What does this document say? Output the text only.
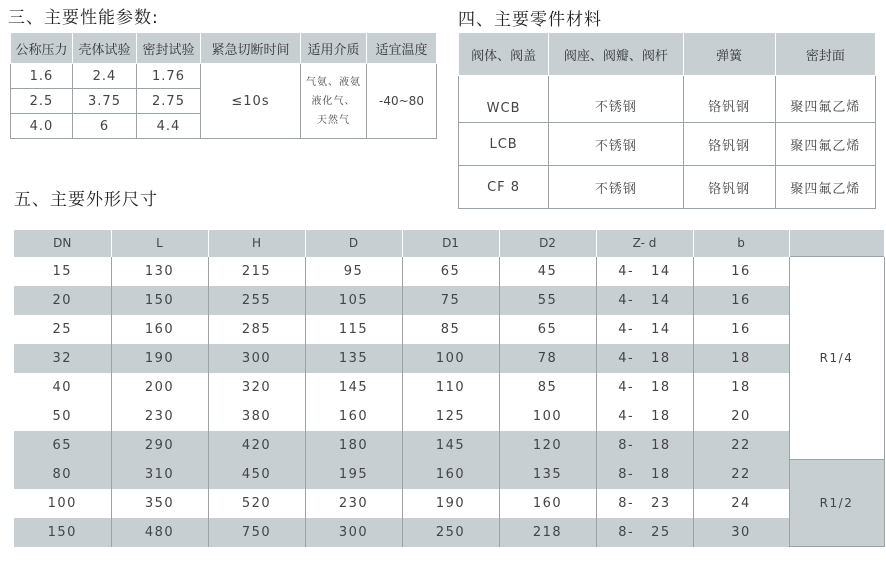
三、主要性能参数:
公称压力	壳体试验	密封试验	紧急切断时间	适用介质	适宜温度
1.6	2.4	1.76	≤10s	气氨、液氨
液化气、
天然气	-40~80
2.5	3.75	2.75			
4.0	6	4.4			
四、主要零件材料
阀体、阀盖	阀座、阀瓣、阀杆	弹簧	密封面
WCB	不锈钢	铬钒钢	聚四氟乙烯
LCB	不锈钢	铬钒钢	聚四氟乙烯
CF 8	不锈钢	铬钒钢	聚四氟乙烯
五、主要外形尺寸
DN	L	H	D	D1	D2	Z- d	b	
15	130	215	95	65	45	4- 14	16	R1/4
20	150	255	105	75	55	4- 14	16	
25	160	285	115	85	65	4- 14	16	
32	190	300	135	100	78	4- 18	18	
40	200	320	145	110	85	4- 18	18	
50	230	380	160	125	100	4- 18	20	
65	290	420	180	145	120	8- 18	22	
80	310	450	195	160	135	8- 18	22	R1/2
100	350	520	230	190	160	8- 23	24	
150	480	750	300	250	218	8- 25	30	
